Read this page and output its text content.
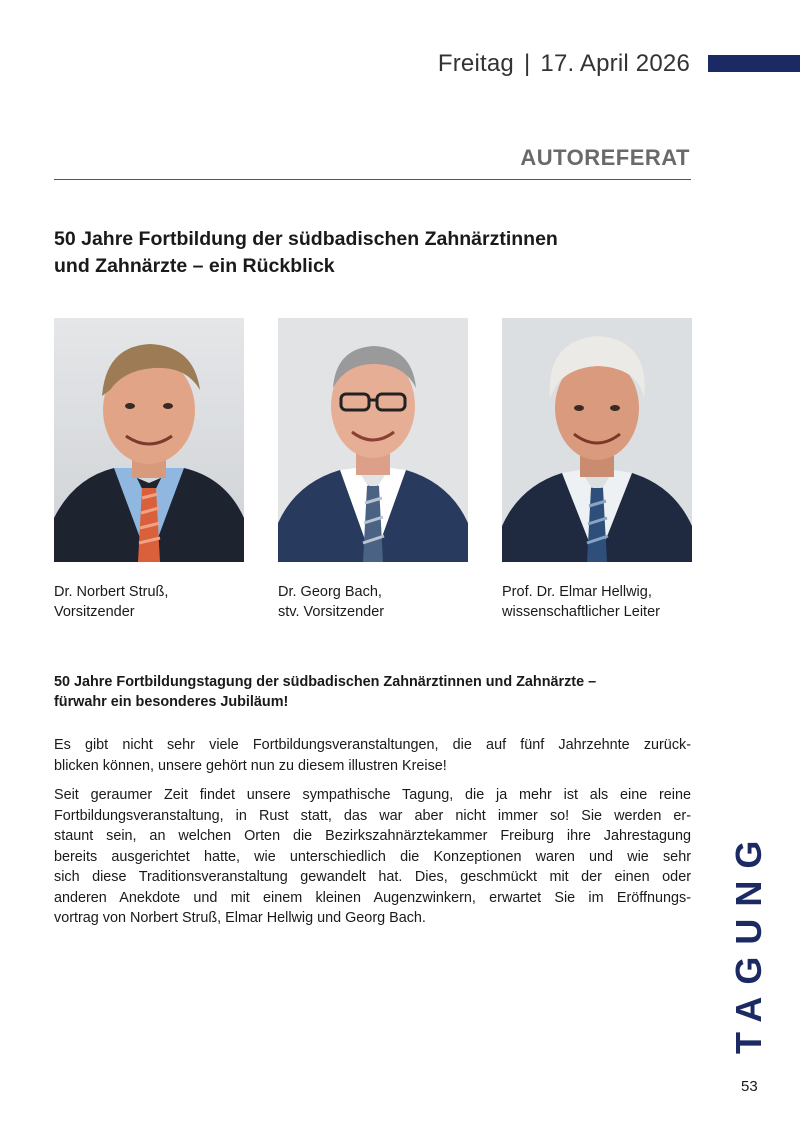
Freitag | 17. April 2026
AUTOREFERAT
50 Jahre Fortbildung der südbadischen Zahnärztinnen
und Zahnärzte – ein Rückblick
Dr. Norbert Struß,
Vorsitzender
Dr. Georg Bach,
stv. Vorsitzender
Prof. Dr. Elmar Hellwig,
wissenschaftlicher Leiter
50 Jahre Fortbildungstagung der südbadischen Zahnärztinnen und Zahnärzte –
fürwahr ein besonderes Jubiläum!

Es gibt nicht sehr viele Fortbildungsveranstaltungen, die auf fünf Jahrzehnte zurück-
blicken können, unsere gehört nun zu diesem illustren Kreise!

Seit geraumer Zeit findet unsere sympathische Tagung, die ja mehr ist als eine reine
Fortbildungsveranstaltung, in Rust statt, das war aber nicht immer so! Sie werden er-
staunt sein, an welchen Orten die Bezirkszahnärztekammer Freiburg ihre Jahrestagung
bereits ausgerichtet hatte, wie unterschiedlich die Konzeptionen waren und wie sehr
sich diese Traditionsveranstaltung gewandelt hat. Dies, geschmückt mit der einen oder
anderen Anekdote und mit einem kleinen Augenzwinkern, erwartet Sie im Eröffnungs-
vortrag von Norbert Struß, Elmar Hellwig und Georg Bach.	TAGUNG
53
